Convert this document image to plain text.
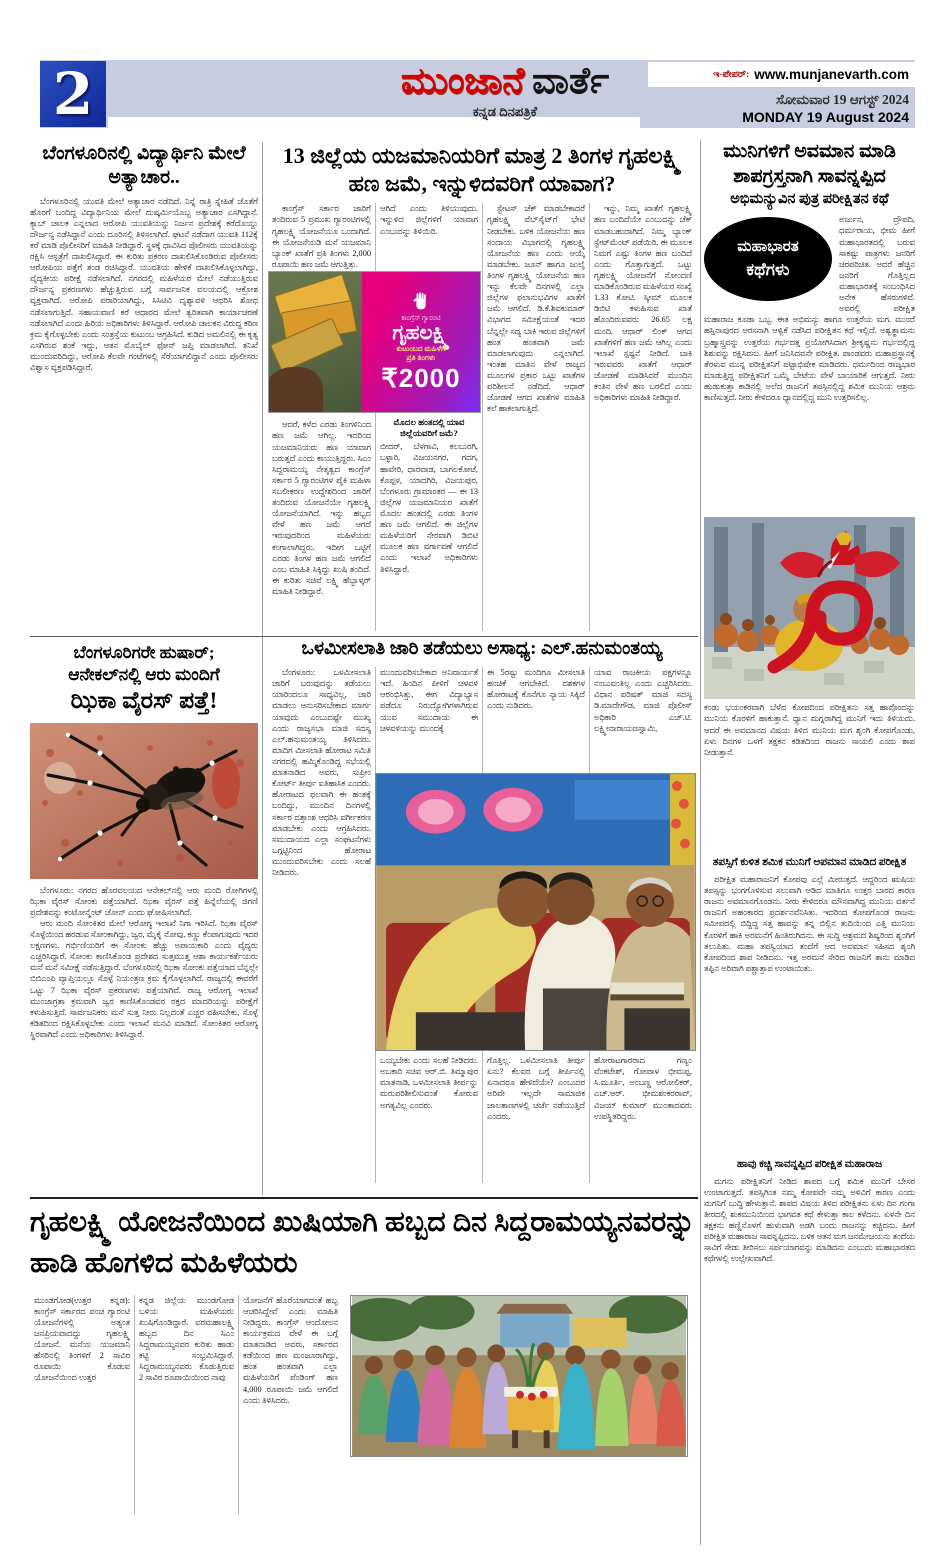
2	ಮುಂಜಾನೆ ವಾರ್ತೆ
ಕನ್ನಡ ದಿನಪತ್ರಿಕೆ
ಇ-ಪೇಪರ್: www.munjanevarth.com
ಸೋಮವಾರ 19 ಆಗಸ್ಟ್ 2024
MONDAY 19 August 2024
ಬೆಂಗಳೂರಿನಲ್ಲಿ ವಿದ್ಯಾರ್ಥಿನಿ ಮೇಲೆ ಅತ್ಯಾಚಾರ..
ಬೆಂಗಳೂರಿನಲ್ಲಿ ಯುವತಿ ಮೇಲೆ ಅತ್ಯಾಚಾರ ನಡೆದಿದೆ. ನಿನ್ನೆ ರಾತ್ರಿ ಸ್ನೇಹಿತೆ ಜೊತೆಗೆ ಹೊರಗೆ ಬಂದಿದ್ದ ವಿದ್ಯಾರ್ಥಿನಿಯ ಮೇಲೆ ದುಷ್ಕರ್ಮಿಯೊಬ್ಬ ಅತ್ಯಾಚಾರ ಎಸಗಿದ್ದಾನೆ. ಕ್ಯಾಬ್ ಚಾಲಕ ಎನ್ನಲಾದ ಆರೋಪಿ ಯುವತಿಯನ್ನು ನಿರ್ಜನ ಪ್ರದೇಶಕ್ಕೆ ಕರೆದೊಯ್ದು ದೌರ್ಜನ್ಯ ನಡೆಸಿದ್ದಾನೆ ಎಂದು ದೂರಿನಲ್ಲಿ ತಿಳಿಸಲಾಗಿದೆ. ಘಟನೆ ನಡೆದಾಗ ಯುವತಿ 112ಕ್ಕೆ ಕರೆ ಮಾಡಿ ಪೊಲೀಸರಿಗೆ ಮಾಹಿತಿ ನೀಡಿದ್ದಾರೆ. ಸ್ಥಳಕ್ಕೆ ಧಾವಿಸಿದ ಪೊಲೀಸರು ಯುವತಿಯನ್ನು ರಕ್ಷಿಸಿ ಆಸ್ಪತ್ರೆಗೆ ದಾಖಲಿಸಿದ್ದಾರೆ. ಈ ಕುರಿತು ಪ್ರಕರಣ ದಾಖಲಿಸಿಕೊಂಡಿರುವ ಪೊಲೀಸರು ಆರೋಪಿಯ ಪತ್ತೆಗೆ ತಂಡ ರಚಿಸಿದ್ದಾರೆ. ಯುವತಿಯ ಹೇಳಿಕೆ ದಾಖಲಿಸಿಕೊಳ್ಳಲಾಗಿದ್ದು, ವೈದ್ಯಕೀಯ ಪರೀಕ್ಷೆ ನಡೆಸಲಾಗಿದೆ. ನಗರದಲ್ಲಿ ಮಹಿಳೆಯರ ಮೇಲೆ ನಡೆಯುತ್ತಿರುವ ದೌರ್ಜನ್ಯ ಪ್ರಕರಣಗಳು ಹೆಚ್ಚುತ್ತಿರುವ ಬಗ್ಗೆ ಸಾರ್ವಜನಿಕ ವಲಯದಲ್ಲಿ ಆಕ್ರೋಶ ವ್ಯಕ್ತವಾಗಿದೆ. ಆರೋಪಿ ಪರಾರಿಯಾಗಿದ್ದು, ಸಿಸಿಟಿವಿ ದೃಶ್ಯಾವಳಿ ಆಧರಿಸಿ ಶೋಧ ನಡೆಸಲಾಗುತ್ತಿದೆ. ಸಹಾಯವಾಣಿ ಕರೆ ಆಧಾರದ ಮೇಲೆ ತ್ವರಿತವಾಗಿ ಕಾರ್ಯಾಚರಣೆ ನಡೆಸಲಾಗಿದೆ ಎಂದು ಹಿರಿಯ ಅಧಿಕಾರಿಗಳು ತಿಳಿಸಿದ್ದಾರೆ. ಆರೋಪಿ ಚಾಲಕನ ವಿರುದ್ಧ ಕಠಿಣ ಕ್ರಮ ಕೈಗೊಳ್ಳಬೇಕು ಎಂದು ಸಂತ್ರಸ್ತೆಯ ಕುಟುಂಬ ಆಗ್ರಹಿಸಿದೆ. ಕುಡಿದ ಅಮಲಿನಲ್ಲಿ ಈ ಕೃತ್ಯ ಎಸಗಿರುವ ಶಂಕೆ ಇದ್ದು, ಆತನ ಮೊಬೈಲ್ ಫೋನ್ ಜಪ್ತಿ ಮಾಡಲಾಗಿದೆ. ತನಿಖೆ ಮುಂದುವರಿದಿದ್ದು, ಆರೋಪಿ ಕೆಲವೇ ಗಂಟೆಗಳಲ್ಲಿ ಸೆರೆಯಾಗಲಿದ್ದಾನೆ ಎಂದು ಪೊಲೀಸರು ವಿಶ್ವಾಸ ವ್ಯಕ್ತಪಡಿಸಿದ್ದಾರೆ.
13 ಜಿಲ್ಲೆಯ ಯಜಮಾನಿಯರಿಗೆ ಮಾತ್ರ 2 ತಿಂಗಳ ಗೃಹಲಕ್ಷ್ಮಿ ಹಣ ಜಮೆ, ಇನ್ನುಳಿದವರಿಗೆ ಯಾವಾಗ?
ಕಾಂಗ್ರೆಸ್ ಸರ್ಕಾರ ಜಾರಿಗೆ ತಂದಿರುವ 5 ಪ್ರಮುಖ ಗ್ಯಾರಂಟಿಗಳಲ್ಲಿ ಗೃಹಲಕ್ಷ್ಮಿ ಯೋಜನೆಯೂ ಒಂದಾಗಿದೆ. ಈ ಯೋಜನೆಯಡಿ ಮನೆ ಯಜಮಾನಿ ಬ್ಯಾಂಕ್ ಖಾತೆಗೆ ಪ್ರತಿ ತಿಂಗಳು 2,000 ರೂಪಾಯಿ ಹಣ ಜಮೆ ಆಗುತ್ತಿತ್ತು.
ಆದರೆ, ಕಳೆದ ಎರಡು ತಿಂಗಳಿನಿಂದ ಹಣ ಜಮೆ ಆಗಿಲ್ಲ. ಇದರಿಂದ ಯಜಮಾನಿಯರು ಹಣ ಯಾವಾಗ ಬರುತ್ತದೆ ಎಂದು ಕಾಯುತ್ತಿದ್ದರು. ಸಿಎಂ ಸಿದ್ದರಾಮಯ್ಯ ನೇತೃತ್ವದ ಕಾಂಗ್ರೆಸ್ ಸರ್ಕಾರ 5 ಗ್ಯಾರಂಟಿಗಳ ಪೈಕಿ ಮಹಿಳಾ ಸಬಲೀಕರಣ ಉದ್ದೇಶದಿಂದ ಜಾರಿಗೆ ತಂದಿರುವ ಯೋಜನೆಯೇ ಗೃಹಲಕ್ಷ್ಮಿ ಯೋಜನೆಯಾಗಿದೆ. ಇನ್ನು ಹಬ್ಬದ ವೇಳೆ ಹಣ ಜಮೆ ಆಗದೆ ಇರುವುದರಿಂದ ಮಹಿಳೆಯರು ಕಂಗಾಲಾಗಿದ್ದರು. ಇದೀಗ ಒಟ್ಟಿಗೆ ಎರಡು ತಿಂಗಳ ಹಣ ಜಮೆ ಆಗಲಿದೆ ಎಂಬ ಮಾಹಿತಿ ಸಿಕ್ಕಿದ್ದು ಖುಷಿ ತಂದಿದೆ. ಈ ಕುರಿತು ಸಚಿವೆ ಲಕ್ಷ್ಮಿ ಹೆಬ್ಬಾಳ್ಕರ್ ಮಾಹಿತಿ ನೀಡಿದ್ದಾರೆ.
ಆಗಿದೆ ಎಂದು ತಿಳಿಯುವುದು. ಇನ್ನುಳಿದ ಜಿಲ್ಲೆಗಳಿಗೆ ಯಾವಾಗ ಎಂಬುದನ್ನು ತಿಳಿಯಿರಿ.
ಮೊದಲ ಹಂತದಲ್ಲಿ ಯಾವ ಜಿಲ್ಲೆಯವರಿಗೆ ಜಮೆ?
ಬೀದರ್, ಬೆಳಗಾವಿ, ಕಲಬುರಗಿ, ಬಳ್ಳಾರಿ, ವಿಜಯನಗರ, ಗದಗ, ಹಾವೇರಿ, ಧಾರವಾಡ, ಬಾಗಲಕೋಟೆ, ಕೊಪ್ಪಳ, ಯಾದಗಿರಿ, ವಿಜಯಪುರ, ಬೆಂಗಳೂರು ಗ್ರಾಮಾಂತರ — ಈ 13 ಜಿಲ್ಲೆಗಳ ಯಜಮಾನಿಯರ ಖಾತೆಗೆ ಮೊದಲ ಹಂತದಲ್ಲಿ ಎರಡು ತಿಂಗಳ ಹಣ ಜಮೆ ಆಗಲಿದೆ. ಈ ಜಿಲ್ಲೆಗಳ ಮಹಿಳೆಯರಿಗೆ ನೇರವಾಗಿ ಡಿಬಿಟಿ ಮೂಲಕ ಹಣ ವರ್ಗಾವಣೆ ಆಗಲಿದೆ ಎಂದು ಇಲಾಖೆ ಅಧಿಕಾರಿಗಳು ತಿಳಿಸಿದ್ದಾರೆ.
ಸ್ಟೇಟಸ್ ಚೆಕ್ ಮಾಡಬೇಕಾದರೆ ಗೃಹಲಕ್ಷ್ಮಿ ವೆಬ್‌ಸೈಟ್‌ಗೆ ಭೇಟಿ ನೀಡಬೇಕು. ಬಳಿಕ ಯೋಜನೆಯ ಹಣ ಸಂದಾಯ ವಿಭಾಗದಲ್ಲಿ ಗೃಹಲಕ್ಷ್ಮಿ ಯೋಜನೆಯ ಹಣ ಎಂದು ಆಯ್ಕೆ ಮಾಡಬೇಕು. ಜೂನ್ ಹಾಗೂ ಜುಲೈ ತಿಂಗಳ ಗೃಹಲಕ್ಷ್ಮಿ ಯೋಜನೆಯ ಹಣ ಇನ್ನು ಕೆಲವೇ ದಿನಗಳಲ್ಲಿ ಎಲ್ಲಾ ಜಿಲ್ಲೆಗಳ ಫಲಾನುಭವಿಗಳ ಖಾತೆಗೆ ಜಮೆ ಆಗಲಿದೆ. ಡಿ.ಕೆ.ಶಿವಕುಮಾರ್ ವಿಭಾಗದ ಸಮೀಕ್ಷೆಯಂತೆ ಇದರ ಬೆನ್ನಲ್ಲೇ ಸದ್ಯ ಬಾಕಿ ಇರುವ ಜಿಲ್ಲೆಗಳಿಗೆ ಹಂತ ಹಂತವಾಗಿ ಜಮೆ ಮಾಡಲಾಗುವುದು ಎನ್ನಲಾಗಿದೆ. ಇಂತಹ ಮಾತಿನ ವೇಳೆ ರಾಜ್ಯದ ಮೂಲಗಳ ಪ್ರಕಾರ ಒಟ್ಟು ಖಾತೆಗಳ ಪರಿಶೀಲನೆ ನಡೆದಿದೆ. ಆಧಾರ್ ಜೋಡಣೆ ಆಗದ ಖಾತೆಗಳ ಮಾಹಿತಿ ಕಲೆ ಹಾಕಲಾಗುತ್ತಿದೆ.
ಇನ್ನು, ನಿಮ್ಮ ಖಾತೆಗೆ ಗೃಹಲಕ್ಷ್ಮಿ ಹಣ ಬಂದಿದೆಯೇ ಎಂಬುದನ್ನು ಚೆಕ್ ಮಾಡಬಹುದಾಗಿದೆ. ನಿಮ್ಮ ಬ್ಯಾಂಕ್ ಸ್ಟೇಟ್‌ಮೆಂಟ್ ಪಡೆಯಿರಿ. ಈ ಮೂಲಕ ನಿಮಗೆ ಎಷ್ಟು ತಿಂಗಳ ಹಣ ಬಂದಿದೆ ಎಂದು ಗೊತ್ತಾಗುತ್ತದೆ. ಒಟ್ಟು ಗೃಹಲಕ್ಷ್ಮಿ ಯೋಜನೆಗೆ ನೋಂದಣಿ ಮಾಡಿಕೊಂಡಿರುವ ಮಹಿಳೆಯರ ಸಂಖ್ಯೆ 1.33 ಕೋಟಿ. ಸ್ಕೀಮ್ ಮೂಲಕ ಡಿಬಿಟಿ ಕಳುಹಿಸುವ ಖಾತೆ ಹೊಂದಿರುವವರು 26.65 ಲಕ್ಷ ಮಂದಿ. ಆಧಾರ್ ಲಿಂಕ್ ಆಗದ ಖಾತೆಗಳಿಗೆ ಹಣ ಜಮೆ ಆಗಿಲ್ಲ ಎಂದು ಇಲಾಖೆ ಸ್ಪಷ್ಟನೆ ನೀಡಿದೆ. ಬಾಕಿ ಇರುವವರು ಖಾತೆಗೆ ಆಧಾರ್ ಜೋಡಣೆ ಮಾಡಿಸಿದರೆ ಮುಂದಿನ ಕಂತಿನ ವೇಳೆ ಹಣ ಬರಲಿದೆ ಎಂದು ಅಧಿಕಾರಿಗಳು ಮಾಹಿತಿ ನೀಡಿದ್ದಾರೆ.
ಕಾಂಗ್ರೆಸ್ ಗ್ಯಾರಂಟಿ
ಗೃಹಲಕ್ಷ್ಮಿ
ಕುಟುಂಬದ ಮಹಿಳೆಗೆ
ಪ್ರತಿ ತಿಂಗಳು
₹2000
ಮುನಿಗಳಿಗೆ ಅವಮಾನ ಮಾಡಿ ಶಾಪಗ್ರಸ್ತನಾಗಿ ಸಾವನ್ನಪ್ಪಿದ
ಅಭಿಮನ್ಯುವಿನ ಪುತ್ರ ಪರೀಕ್ಷಿತನ ಕಥೆ
ಮಹಾಭಾರತ
ಕಥೆಗಳು
ಅರ್ಜುನ, ದ್ರೌಪದಿ, ಧರ್ಮರಾಯ, ಭೀಮ ಹೀಗೆ ಮಹಾಭಾರತದಲ್ಲಿ ಬರುವ ಸಾಕಷ್ಟು ಪಾತ್ರಗಳು ಜನರಿಗೆ ಚಿರಪರಿಚಿತ. ಆದರೆ ಹೆಚ್ಚಿನ ಜನರಿಗೆ ಗೊತ್ತಿಲ್ಲದ ಮಹಾಭಾರತಕ್ಕೆ ಸಂಬಂಧಿಸಿದ ಅನೇಕ ಹೆಸರುಗಳಿವೆ. ಅವರಲ್ಲಿ ಪರೀಕ್ಷಿತ ಮಹಾರಾಜ ಕೂಡಾ ಒಬ್ಬ. ಈತ ಅಭಿಮನ್ಯು ಹಾಗೂ ಉತ್ತರೆಯ ಮಗ. ಮುಂದೆ ಹಸ್ತಿನಾಪುರದ ಅರಸನಾಗಿ ಆಳ್ವಿಕೆ ನಡೆಸಿದ ಪರೀಕ್ಷಿತನ ಕಥೆ ಇಲ್ಲಿದೆ. ಅಶ್ವತ್ಥಾಮನು ಬ್ರಹ್ಮಾಸ್ತ್ರವನ್ನು ಉತ್ತರೆಯ ಗರ್ಭದತ್ತ ಪ್ರಯೋಗಿಸಿದಾಗ ಶ್ರೀಕೃಷ್ಣನು ಗರ್ಭದಲ್ಲಿದ್ದ ಶಿಶುವನ್ನು ರಕ್ಷಿಸಿದನು. ಹೀಗೆ ಜನಿಸಿದವನೇ ಪರೀಕ್ಷಿತ. ಪಾಂಡವರು ಮಹಾಪ್ರಸ್ಥಾನಕ್ಕೆ ತೆರಳುವ ಮುನ್ನ ಪರೀಕ್ಷಿತನಿಗೆ ಪಟ್ಟಾಭಿಷೇಕ ಮಾಡಿದರು. ಧರ್ಮದಿಂದ ರಾಜ್ಯಭಾರ ಮಾಡುತ್ತಿದ್ದ ಪರೀಕ್ಷಿತನಿಗೆ ಒಮ್ಮೆ ಬೇಟೆಯ ವೇಳೆ ಬಾಯಾರಿಕೆ ಆಗುತ್ತದೆ. ನೀರು ಹುಡುಕುತ್ತಾ ಕಾಡಿನಲ್ಲಿ ಅಲೆದ ರಾಜನಿಗೆ ತಪಸ್ಸಿನಲ್ಲಿದ್ದ ಶಮಿಕ ಮುನಿಯ ಆಶ್ರಮ ಕಾಣಿಸುತ್ತದೆ. ನೀರು ಕೇಳಿದರೂ ಧ್ಯಾನದಲ್ಲಿದ್ದ ಮುನಿ ಉತ್ತರಿಸಲಿಲ್ಲ.
ಕಂಡು ಭಯಂಕರವಾಗಿ ಬೆಳೆದ ಕೋಪದಿಂದ ಪರೀಕ್ಷಿತನು ಸತ್ತ ಹಾವೊಂದನ್ನು ಮುನಿಯ ಕೊರಳಿಗೆ ಹಾಕುತ್ತಾನೆ. ಧ್ಯಾನ ಮಗ್ನರಾಗಿದ್ದ ಮುನಿಗೆ ಇದು ತಿಳಿಯದು. ಆದರೆ ಈ ಅವಮಾನದ ವಿಷಯ ತಿಳಿದ ಮುನಿಯ ಮಗ ಶೃಂಗಿ ಕೋಪಗೊಂಡು, ಏಳು ದಿನಗಳ ಒಳಗೆ ತಕ್ಷಕನ ಕಡಿತದಿಂದ ರಾಜನು ಸಾಯಲಿ ಎಂದು ಶಾಪ ನೀಡುತ್ತಾನೆ.
ತಪಸ್ಸಿಗೆ ಕುಳಿತ ಶಮಿಕ ಮುನಿಗೆ ಅಪಮಾನ ಮಾಡಿದ ಪರೀಕ್ಷಿತ
ಪರೀಕ್ಷಿತ ಮಹಾರಾಜನಿಗೆ ಕೋಪವು ಎಲ್ಲೆ ಮೀರುತ್ತದೆ. ಆದ್ದರಿಂದ ಋಷಿಯ ತಪಸ್ಸನ್ನು ಭಂಗಗೊಳಿಸುವ ಸಲುವಾಗಿ ಆಡಿದ ಮಾತಿಗೂ ಉತ್ತರ ಬಾರದ ಕಾರಣ ರಾಜನು ಅವಮಾನಗೊಂಡನು. ನೀರು ಕೇಳಿದರೂ ಮೌನವಾಗಿದ್ದ ಮುನಿಯ ವರ್ತನೆ ರಾಜನಿಗೆ ಅಹಂಕಾರದ ಪ್ರದರ್ಶನವೆನಿಸಿತು. ಇದರಿಂದ ಕೋಪಗೊಂಡ ರಾಜನು ಸಮೀಪದಲ್ಲಿ ಬಿದ್ದಿದ್ದ ಸತ್ತ ಹಾವನ್ನು ತನ್ನ ಬಿಲ್ಲಿನ ತುದಿಯಿಂದ ಎತ್ತಿ ಮುನಿಯ ಕೊರಳಿಗೆ ಹಾಕಿ ಅರಮನೆಗೆ ಹಿಂತಿರುಗಿದನು. ಈ ಸುದ್ದಿ ಆಶ್ರಮದ ಶಿಷ್ಯರಿಂದ ಶೃಂಗಿಗೆ ತಲುಪಿತು. ಮಹಾ ತಪಸ್ವಿಯಾದ ತಂದೆಗೆ ಆದ ಅವಮಾನ ಸಹಿಸದ ಶೃಂಗಿ ಕೋಪದಿಂದ ಶಾಪ ನೀಡಿದನು. ಇತ್ತ ಅರಮನೆ ಸೇರಿದ ರಾಜನಿಗೆ ತಾನು ಮಾಡಿದ ತಪ್ಪಿನ ಅರಿವಾಗಿ ಪಶ್ಚಾತ್ತಾಪ ಉಂಟಾಯಿತು.
ಹಾವು ಕಚ್ಚಿ ಸಾವನ್ನಪ್ಪಿದ ಪರೀಕ್ಷಿತ ಮಹಾರಾಜ
ಮಗನು ಪರೀಕ್ಷಿತನಿಗೆ ನೀಡಿದ ಶಾಪದ ಬಗ್ಗೆ ಶಮಿಕ ಮುನಿಗೆ ಬೇಸರ ಉಂಟಾಗುತ್ತದೆ. ತಪಸ್ಸಿಗಿಂತ ನಮ್ಮ ಕೋಪವೇ ನಮ್ಮ ಅಳಿವಿಗೆ ಕಾರಣ ಎಂದು ಮಗನಿಗೆ ಬುದ್ಧಿ ಹೇಳುತ್ತಾನೆ. ಶಾಪದ ವಿಷಯ ತಿಳಿದ ಪರೀಕ್ಷಿತನು ಏಳು ದಿನ ಗಂಗಾ ತೀರದಲ್ಲಿ ಶುಕಮುನಿಯಿಂದ ಭಾಗವತ ಕಥೆ ಕೇಳುತ್ತಾ ಕಾಲ ಕಳೆದನು. ಏಳನೇ ದಿನ ತಕ್ಷಕನು ಹಣ್ಣಿನೊಳಗೆ ಹುಳುವಾಗಿ ಅಡಗಿ ಬಂದು ರಾಜನನ್ನು ಕಚ್ಚಿದನು. ಹೀಗೆ ಪರೀಕ್ಷಿತ ಮಹಾರಾಜ ಸಾವನ್ನಪ್ಪಿದನು. ಬಳಿಕ ಆತನ ಮಗ ಜನಮೇಜಯನು ತಂದೆಯ ಸಾವಿಗೆ ಸೇಡು ತೀರಿಸಲು ಸರ್ಪಯಾಗವನ್ನು ಮಾಡಿದನು ಎಂಬುದು ಮಹಾಭಾರತದ ಕಥೆಗಳಲ್ಲಿ ಉಲ್ಲೇಖವಾಗಿದೆ.
ಬೆಂಗಳೂರಿಗರೇ ಹುಷಾರ್;
ಆನೇಕಲ್‌ನಲ್ಲಿ ಆರು ಮಂದಿಗೆ
ಝಿಕಾ ವೈರಸ್ ಪತ್ತೆ!
ಬೆಂಗಳೂರು: ನಗರದ ಹೊರವಲಯದ ಆನೇಕಲ್‌ನಲ್ಲಿ ಆರು ಮಂದಿ ರೋಗಿಗಳಲ್ಲಿ ಝಿಕಾ ವೈರಸ್ ಸೋಂಕು ಪತ್ತೆಯಾಗಿದೆ. ಝಿಕಾ ವೈರಸ್ ಪತ್ತೆ ಹಿನ್ನೆಲೆಯಲ್ಲಿ ಜಿಗಣಿ ಪ್ರದೇಶವನ್ನು ಕಂಟೋನ್ಮೆಂಟ್ ಜೋನ್ ಎಂದು ಘೋಷಿಸಲಾಗಿದೆ.
ಆರು ಮಂದಿ ಸೋಂಕಿತರ ಮೇಲೆ ಆರೋಗ್ಯ ಇಲಾಖೆ ನಿಗಾ ಇರಿಸಿದೆ. ಝಿಕಾ ವೈರಸ್ ಸೊಳ್ಳೆಯಿಂದ ಹರಡುವ ಸೋಂಕಾಗಿದ್ದು, ಜ್ವರ, ಮೈಕೈ ನೋವು, ಕಣ್ಣು ಕೆಂಪಾಗುವುದು ಇದರ ಲಕ್ಷಣಗಳು. ಗರ್ಭಿಣಿಯರಿಗೆ ಈ ಸೋಂಕು ಹೆಚ್ಚು ಅಪಾಯಕಾರಿ ಎಂದು ವೈದ್ಯರು ಎಚ್ಚರಿಸಿದ್ದಾರೆ. ಸೋಂಕು ಕಾಣಿಸಿಕೊಂಡ ಪ್ರದೇಶದ ಸುತ್ತಮುತ್ತ ಆಶಾ ಕಾರ್ಯಕರ್ತೆಯರು ಮನೆ ಮನೆ ಸಮೀಕ್ಷೆ ನಡೆಸುತ್ತಿದ್ದಾರೆ. ಬೆಂಗಳೂರಿನಲ್ಲಿ ಝಿಕಾ ಸೋಂಕು ಪತ್ತೆಯಾದ ಬೆನ್ನಲ್ಲೇ ಬಿಬಿಎಂಪಿ ವ್ಯಾಪ್ತಿಯಲ್ಲೂ ಸೊಳ್ಳೆ ನಿಯಂತ್ರಣ ಕ್ರಮ ಕೈಗೊಳ್ಳಲಾಗಿದೆ. ರಾಜ್ಯದಲ್ಲಿ ಈವರೆಗೆ ಒಟ್ಟು 7 ಝಿಕಾ ವೈರಸ್ ಪ್ರಕರಣಗಳು ಪತ್ತೆಯಾಗಿವೆ. ರಾಜ್ಯ ಆರೋಗ್ಯ ಇಲಾಖೆ ಮುಂಜಾಗ್ರತಾ ಕ್ರಮವಾಗಿ ಜ್ವರ ಕಾಣಿಸಿಕೊಂಡವರ ರಕ್ತದ ಮಾದರಿಯನ್ನು ಪರೀಕ್ಷೆಗೆ ಕಳುಹಿಸುತ್ತಿದೆ. ಸಾರ್ವಜನಿಕರು ಮನೆ ಸುತ್ತ ನೀರು ನಿಲ್ಲದಂತೆ ಎಚ್ಚರ ವಹಿಸಬೇಕು, ಸೊಳ್ಳೆ ಕಡಿತದಿಂದ ರಕ್ಷಿಸಿಕೊಳ್ಳಬೇಕು ಎಂದು ಇಲಾಖೆ ಮನವಿ ಮಾಡಿದೆ. ಸೋಂಕಿತರ ಆರೋಗ್ಯ ಸ್ಥಿರವಾಗಿದೆ ಎಂದು ಅಧಿಕಾರಿಗಳು ತಿಳಿಸಿದ್ದಾರೆ.
ಒಳಮೀಸಲಾತಿ ಜಾರಿ ತಡೆಯಲು ಅಸಾಧ್ಯ: ಎಲ್.ಹನುಮಂತಯ್ಯ
ಬೆಂಗಳೂರು: ಒಳಮೀಸಲಾತಿ ಜಾರಿಗೆ ಬರುವುದನ್ನು ತಡೆಯಲು ಯಾರಿಂದಲೂ ಸಾಧ್ಯವಿಲ್ಲ, ಜಾರಿ ಮಾಡಲು ಅನುಸರಿಸಬೇಕಾದ ಮಾರ್ಗ ಯಾವುದು ಎಂಬುದಷ್ಟೇ ಮುಖ್ಯ ಎಂದು ರಾಜ್ಯಸಭಾ ಮಾಜಿ ಸದಸ್ಯ ಎಲ್.ಹನುಮಂತಯ್ಯ ತಿಳಿಸಿದರು. ಮಾದಿಗ ಮೀಸಲಾತಿ ಹೋರಾಟ ಸಮಿತಿ ನಗರದಲ್ಲಿ ಹಮ್ಮಿಕೊಂಡಿದ್ದ ಸಭೆಯಲ್ಲಿ ಮಾತನಾಡಿದ ಅವರು, ಸುಪ್ರೀಂ ಕೋರ್ಟ್ ತೀರ್ಪು ಐತಿಹಾಸಿಕ ಎಂದರು. ಹೋರಾಟದ ಫಲವಾಗಿ ಈ ಹಂತಕ್ಕೆ ಬಂದಿದ್ದು, ಮುಂದಿನ ದಿನಗಳಲ್ಲಿ ಸರ್ಕಾರ ದತ್ತಾಂಶ ಆಧರಿಸಿ ವರ್ಗೀಕರಣ ಮಾಡಬೇಕು ಎಂದು ಆಗ್ರಹಿಸಿದರು. ಸಮುದಾಯದ ಎಲ್ಲಾ ಸಂಘಟನೆಗಳು ಒಗ್ಗಟ್ಟಿನಿಂದ ಹೋರಾಟ ಮುಂದುವರಿಸಬೇಕು ಎಂದು ಸಲಹೆ ನೀಡಿದರು.
ಮುಂದುವರಿಸಬೇಕಾದ ಅನಿವಾರ್ಯತೆ ಇದೆ. ಹಿಂದಿನ ಪೀಳಿಗೆ ಚಳವಳಿ ಆರಂಭಿಸಿತ್ತು, ಈಗ ವಿದ್ಯಾಭ್ಯಾಸ ಪಡೆದೂ ನಿರುದ್ಯೋಗಿಗಳಾಗಿರುವ ಯುವ ಸಮುದಾಯ ಈ ಚಳವಳಿಯನ್ನು ಮುಂದಕ್ಕೆ
ಒಯ್ಯಬೇಕು ಎಂದು ಸಲಹೆ ನೀಡಿದರು. ಅಬಕಾರಿ ಸಚಿವ ಆರ್.ಬಿ. ತಿಮ್ಮಾಪುರ ಮಾತನಾಡಿ, ಒಳಮೀಸಲಾತಿ ತೀರ್ಪನ್ನು ಮರುಪರಿಶೀಲಿಸುವಂತೆ ಕೋರುವ ಅಗತ್ಯವಿಲ್ಲ ಎಂದರು.
ಈ 5ರಷ್ಟು ಮಂದಿಗೂ ಮೀಸಲಾತಿ ಹಂಚಿಕೆ ಆಗಬೇಕಿದೆ. ದಶಕಗಳ ಹೋರಾಟಕ್ಕೆ ಕೊನೆಗೂ ನ್ಯಾಯ ಸಿಕ್ಕಿದೆ ಎಂದು ನುಡಿದರು.
ಗೊತ್ತಿಲ್ಲ. ಒಳಮೀಸಲಾತಿ ತೀರ್ಪು ಏನು? ಕೆಲವರ ಬಗ್ಗೆ ತೀರ್ಪಿನಲ್ಲಿ ಏನಾದರೂ ಹೇಳಿದೆಯೇ? ಎಂಬುದರ ಅರಿವೇ ಇಲ್ಲದೇ ಸಾಮಾಜಿಕ ಜಾಲತಾಣಗಳಲ್ಲಿ ಚರ್ಚೆ ನಡೆಯುತ್ತಿದೆ ಎಂದರು.
ಯಾವ ರಾಜಕೀಯ ಪಕ್ಷಗಳನ್ನೂ ನಂಬುವಂತಿಲ್ಲ ಎಂದು ಎಚ್ಚರಿಸಿದರು. ವಿಧಾನ ಪರಿಷತ್ ಮಾಜಿ ಸದಸ್ಯ ಡಿ.ಮಾದೇಗೌಡ, ಮಾಜಿ ಪೊಲೀಸ್ ಅಧಿಕಾರಿ ಎಚ್.ಟಿ. ಲಕ್ಷ್ಮೀನಾರಾಯಣಸ್ವಾಮಿ,
ಹೋರಾಟಗಾರರಾದ ಗಣ್ಯಂ ವೆಂಕಟೇಶ್, ಗೋಪಾಳ ಭೀಮಪ್ಪ, ಸಿ.ಮೂರ್ತಿ, ಅಂಬಣ್ಣ ಆರೋಲಿಕರ್, ಎಚ್.ಆರ್. ಭೀಮಶಂಕರರಾವ್, ವಿಜಯ್ ಕುಮಾರ್ ಮುಂತಾದವರು ಉಪಸ್ಥಿತರಿದ್ದರು.
ಗೃಹಲಕ್ಷ್ಮಿ ಯೋಜನೆಯಿಂದ ಖುಷಿಯಾಗಿ ಹಬ್ಬದ ದಿನ ಸಿದ್ದರಾಮಯ್ಯನವರನ್ನು ಹಾಡಿ ಹೊಗಳಿದ ಮಹಿಳೆಯರು
ಮುಂಡಗೋಡ(ಉತ್ತರ ಕನ್ನಡ): ಕಾಂಗ್ರೆಸ್ ಸರ್ಕಾರದ ಪಂಚ ಗ್ಯಾರಂಟಿ ಯೋಜನೆಗಳಲ್ಲಿ ಅತ್ಯಂತ ಜನಪ್ರಿಯವಾದದ್ದು ಗೃಹಲಕ್ಷ್ಮಿ ಯೋಜನೆ. ಮನೆಯ ಯಜಮಾನಿ ಹೆಸರಿನಲ್ಲಿ ತಿಂಗಳಿಗೆ 2 ಸಾವಿರ ರೂಪಾಯಿ ಕೊಡುವ ಯೋಜನೆಯಿಂದ ಉತ್ತರ
ಕನ್ನಡ ಜಿಲ್ಲೆಯ ಮುಂಡಗೋಡ ಬಳಿಯ ಮಹಿಳೆಯರು ಖುಷಿಗೊಂಡಿದ್ದಾರೆ. ವರಮಹಾಲಕ್ಷ್ಮಿ ಹಬ್ಬದ ದಿನ ಸಿಎಂ ಸಿದ್ದರಾಮಯ್ಯನವರ ಕುರಿತು ಹಾಡು ಕಟ್ಟಿ ಸಂಭ್ರಮಿಸಿದ್ದಾರೆ. ಸಿದ್ದರಾಮಯ್ಯನವರು ಕೊಡುತ್ತಿರುವ 2 ಸಾವಿರ ರೂಪಾಯಿಯಿಂದ ನಾವು
ಯೋಜನೆಗೆ ಹೊರೆಯಾಗದಂತೆ ಹಬ್ಬ ಆಚರಿಸಿದ್ದೇವೆ ಎಂದು ಮಾಹಿತಿ ನೀಡಿದ್ದರು. ಕಾಂಗ್ರೆಸ್ ಆಂದೋಲನ ಕಾರ್ಯಕ್ರಮದ ವೇಳೆ ಈ ಬಗ್ಗೆ ಮಾತನಾಡಿದ ಅವರು, ಸರ್ಕಾರದ ಕಡೆಯಿಂದ ಹಣ ಮಂಜೂರಾಗಿದ್ದು, ಹಂತ ಹಂತವಾಗಿ ಎಲ್ಲಾ ಮಹಿಳೆಯರಿಗೆ ಪೆಂಡಿಂಗ್ ಹಣ 4,000 ರೂಪಾಯಿ ಜಮೆ ಆಗಲಿದೆ ಎಂದು ತಿಳಿಸಿದರು.
